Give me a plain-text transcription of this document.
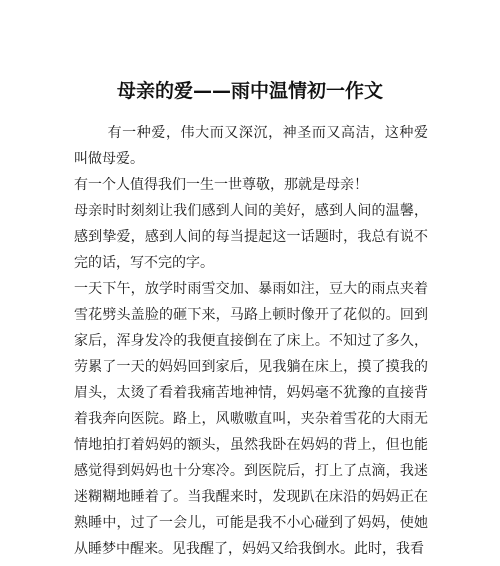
母亲的爱——雨中温情初一作文

有一种爱，伟大而又深沉，神圣而又高洁，这种爱叫做母爱。

有一个人值得我们一生一世尊敬，那就是母亲！

母亲时时刻刻让我们感到人间的美好，感到人间的温馨，感到挚爱，感到人间的每当提起这一话题时，我总有说不完的话，写不完的字。

一天下午，放学时雨雪交加、暴雨如注，豆大的雨点夹着雪花劈头盖脸的砸下来，马路上顿时像开了花似的。回到家后，浑身发冷的我便直接倒在了床上。不知过了多久，劳累了一天的妈妈回到家后，见我躺在床上，摸了摸我的眉头，太烫了看着我痛苦地神情，妈妈毫不犹豫的直接背着我奔向医院。路上，风嗷嗷直叫，夹杂着雪花的大雨无情地拍打着妈妈的额头，虽然我卧在妈妈的背上，但也能感觉得到妈妈也十分寒冷。到医院后，打上了点滴，我迷迷糊糊地睡着了。当我醒来时，发现趴在床沿的妈妈正在熟睡中，过了一会儿，可能是我不小心碰到了妈妈，使她从睡梦中醒来。见我醒了，妈妈又给我倒水。此时，我看
